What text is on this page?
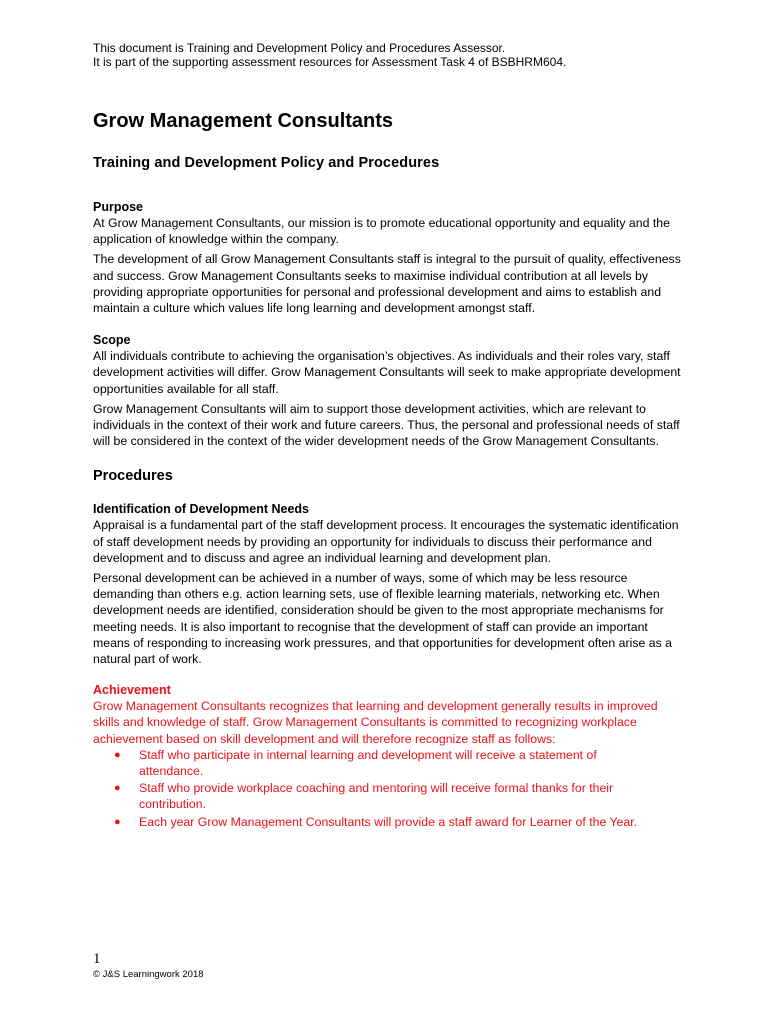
This document is Training and Development Policy and Procedures Assessor.

It is part of the supporting assessment resources for Assessment Task 4 of BSBHRM604.

Grow Management Consultants
Training and Development Policy and Procedures
Purpose

At Grow Management Consultants, our mission is to promote educational opportunity and equality and the application of knowledge within the company.

The development of all Grow Management Consultants staff is integral to the pursuit of quality, effectiveness and success. Grow Management Consultants seeks to maximise individual contribution at all levels by providing appropriate opportunities for personal and professional development and aims to establish and maintain a culture which values life long learning and development amongst staff.

Scope

All individuals contribute to achieving the organisation’s objectives. As individuals and their roles vary, staff development activities will differ. Grow Management Consultants will seek to make appropriate development opportunities available for all staff.

Grow Management Consultants will aim to support those development activities, which are relevant to individuals in the context of their work and future careers. Thus, the personal and professional needs of staff will be considered in the context of the wider development needs of the Grow Management Consultants.

Procedures
Identification of Development Needs

Appraisal is a fundamental part of the staff development process. It encourages the systematic identification of staff development needs by providing an opportunity for individuals to discuss their performance and development and to discuss and agree an individual learning and development plan.

Personal development can be achieved in a number of ways, some of which may be less resource demanding than others e.g. action learning sets, use of flexible learning materials, networking etc. When development needs are identified, consideration should be given to the most appropriate mechanisms for meeting needs. It is also important to recognise that the development of staff can provide an important means of responding to increasing work pressures, and that opportunities for development often arise as a natural part of work.

Achievement

Grow Management Consultants recognizes that learning and development generally results in improved skills and knowledge of staff. Grow Management Consultants is committed to recognizing workplace achievement based on skill development and will therefore recognize staff as follows:

● Staff who participate in internal learning and development will receive a statement of attendance.
● Staff who provide workplace coaching and mentoring will receive formal thanks for their contribution.
● Each year Grow Management Consultants will provide a staff award for Learner of the Year.

1

© J&S Learningwork 2018
